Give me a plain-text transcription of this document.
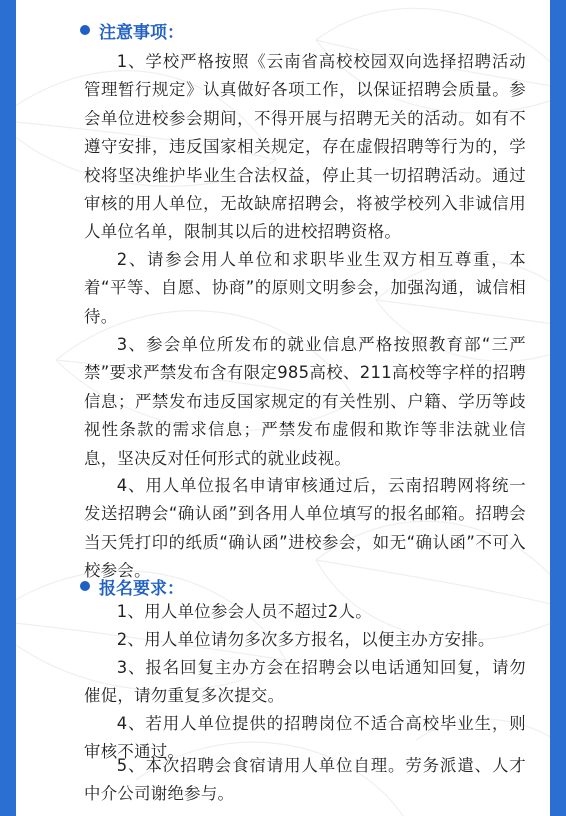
注意事项：

1、学校严格按照《云南省高校校园双向选择招聘活动管理暂行规定》认真做好各项工作，以保证招聘会质量。参会单位进校参会期间，不得开展与招聘无关的活动。如有不遵守安排，违反国家相关规定，存在虚假招聘等行为的，学校将坚决维护毕业生合法权益，停止其一切招聘活动。通过审核的用人单位，无故缺席招聘会，将被学校列入非诚信用人单位名单，限制其以后的进校招聘资格。

2、请参会用人单位和求职毕业生双方相互尊重，本着“平等、自愿、协商”的原则文明参会，加强沟通，诚信相待。

3、参会单位所发布的就业信息严格按照教育部“三严禁”要求严禁发布含有限定985高校、211高校等字样的招聘信息；严禁发布违反国家规定的有关性别、户籍、学历等歧视性条款的需求信息；严禁发布虚假和欺诈等非法就业信息，坚决反对任何形式的就业歧视。

4、用人单位报名申请审核通过后，云南招聘网将统一发送招聘会“确认函”到各用人单位填写的报名邮箱。招聘会当天凭打印的纸质“确认函”进校参会，如无“确认函”不可入校参会。

报名要求：

1、用人单位参会人员不超过2人。

2、用人单位请勿多次多方报名，以便主办方安排。

3、报名回复主办方会在招聘会以电话通知回复，请勿催促，请勿重复多次提交。

4、若用人单位提供的招聘岗位不适合高校毕业生，则审核不通过。

5、本次招聘会食宿请用人单位自理。劳务派遣、人才中介公司谢绝参与。
